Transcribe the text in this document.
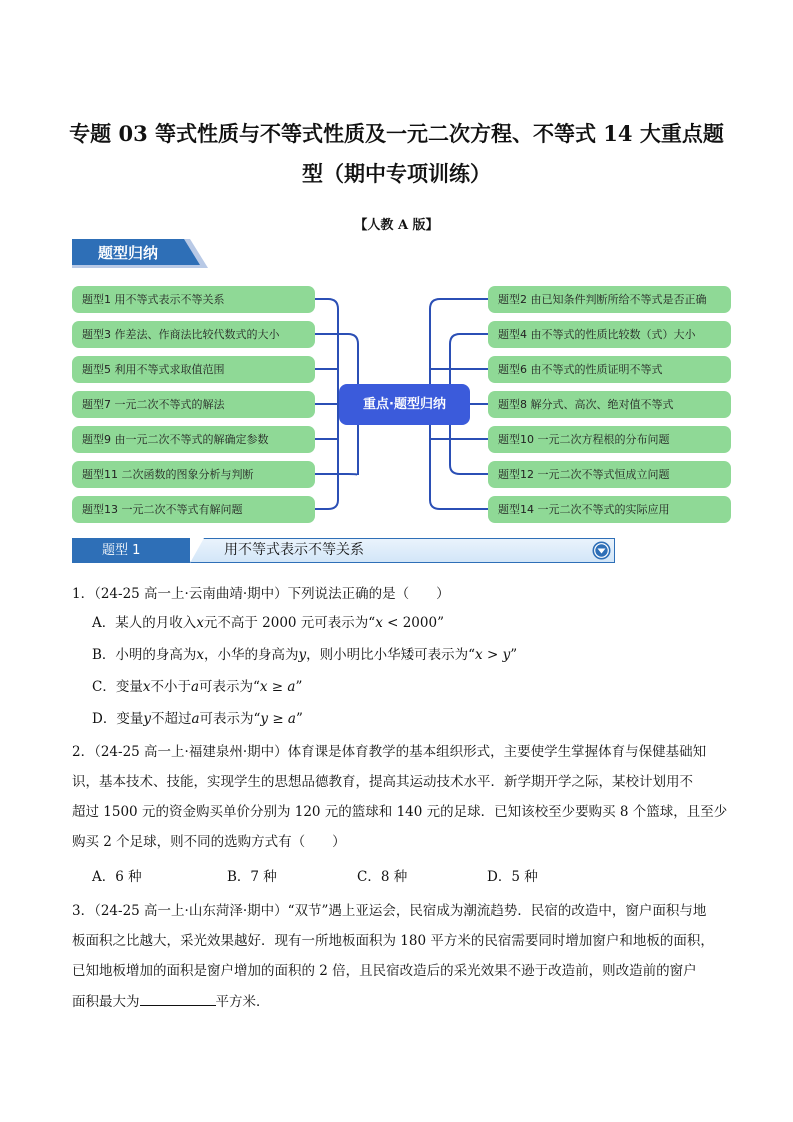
专题 03 等式性质与不等式性质及一元二次方程、不等式 14 大重点题
型（期中专项训练）
【人教 A 版】
题型归纳
题型1 用不等式表示不等关系
题型3 作差法、作商法比较代数式的大小
题型5 利用不等式求取值范围
题型7 一元二次不等式的解法
题型9 由一元二次不等式的解确定参数
题型11 二次函数的图象分析与判断
题型13 一元二次不等式有解问题
题型2 由已知条件判断所给不等式是否正确
题型4 由不等式的性质比较数（式）大小
题型6 由不等式的性质证明不等式
题型8 解分式、高次、绝对值不等式
题型10 一元二次方程根的分布问题
题型12 一元二次不等式恒成立问题
题型14 一元二次不等式的实际应用
重点·题型归纳
题型 1	用不等式表示不等关系
1．（24-25 高一上·云南曲靖·期中）下列说法正确的是（　　）
A．某人的月收入𝑥元不高于 2000 元可表示为“𝑥 < 2000”
B．小明的身高为𝑥，小华的身高为𝑦，则小明比小华矮可表示为“𝑥 > 𝑦”
C．变量𝑥不小于𝑎可表示为“𝑥 ≥ 𝑎”
D．变量𝑦不超过𝑎可表示为“𝑦 ≥ 𝑎”
2．（24-25 高一上·福建泉州·期中）体育课是体育教学的基本组织形式，主要使学生掌握体育与保健基础知
识，基本技术、技能，实现学生的思想品德教育，提高其运动技术水平．新学期开学之际，某校计划用不
超过 1500 元的资金购买单价分别为 120 元的篮球和 140 元的足球．已知该校至少要购买 8 个篮球，且至少
购买 2 个足球，则不同的选购方式有（　　）
A．6 种	B．7 种	C．8 种	D．5 种
3．（24-25 高一上·山东菏泽·期中）“双节”遇上亚运会，民宿成为潮流趋势．民宿的改造中，窗户面积与地
板面积之比越大，采光效果越好．现有一所地板面积为 180 平方米的民宿需要同时增加窗户和地板的面积，
已知地板增加的面积是窗户增加的面积的 2 倍，且民宿改造后的采光效果不逊于改造前，则改造前的窗户
面积最大为	平方米．
